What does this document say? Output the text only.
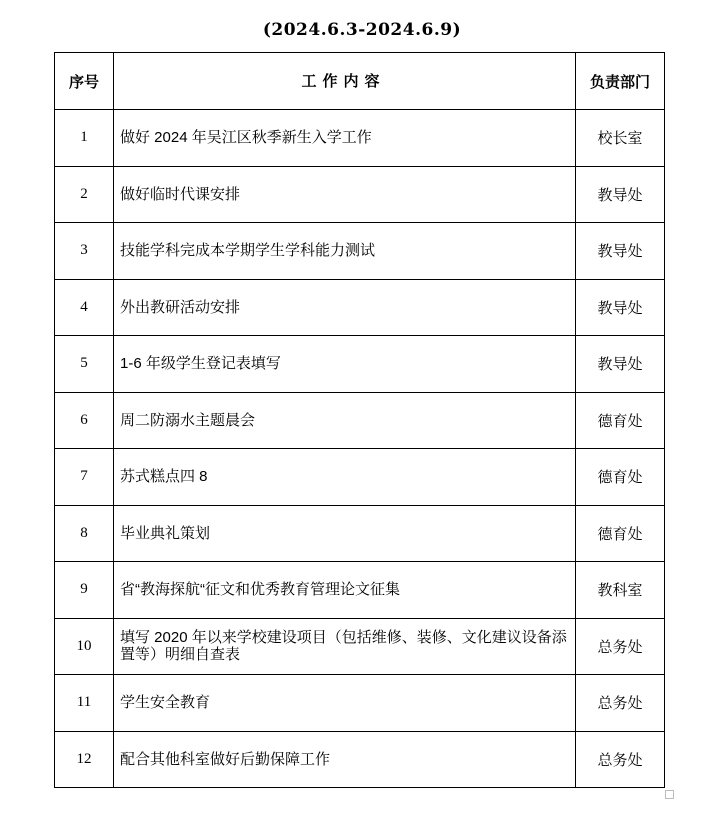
(2024.6.3-2024.6.9)
序号	工作内容	负责部门
1	做好 2024 年吴江区秋季新生入学工作	校长室
2	做好临时代课安排	教导处
3	技能学科完成本学期学生学科能力测试	教导处
4	外出教研活动安排	教导处
5	1-6 年级学生登记表填写	教导处
6	周二防溺水主题晨会	德育处
7	苏式糕点四 8	德育处
8	毕业典礼策划	德育处
9	省“教海探航“征文和优秀教育管理论文征集	教科室
10	填写 2020 年以来学校建设项目（包括维修、装修、文化建议设备添置等）明细自查表	总务处
11	学生安全教育	总务处
12	配合其他科室做好后勤保障工作	总务处
